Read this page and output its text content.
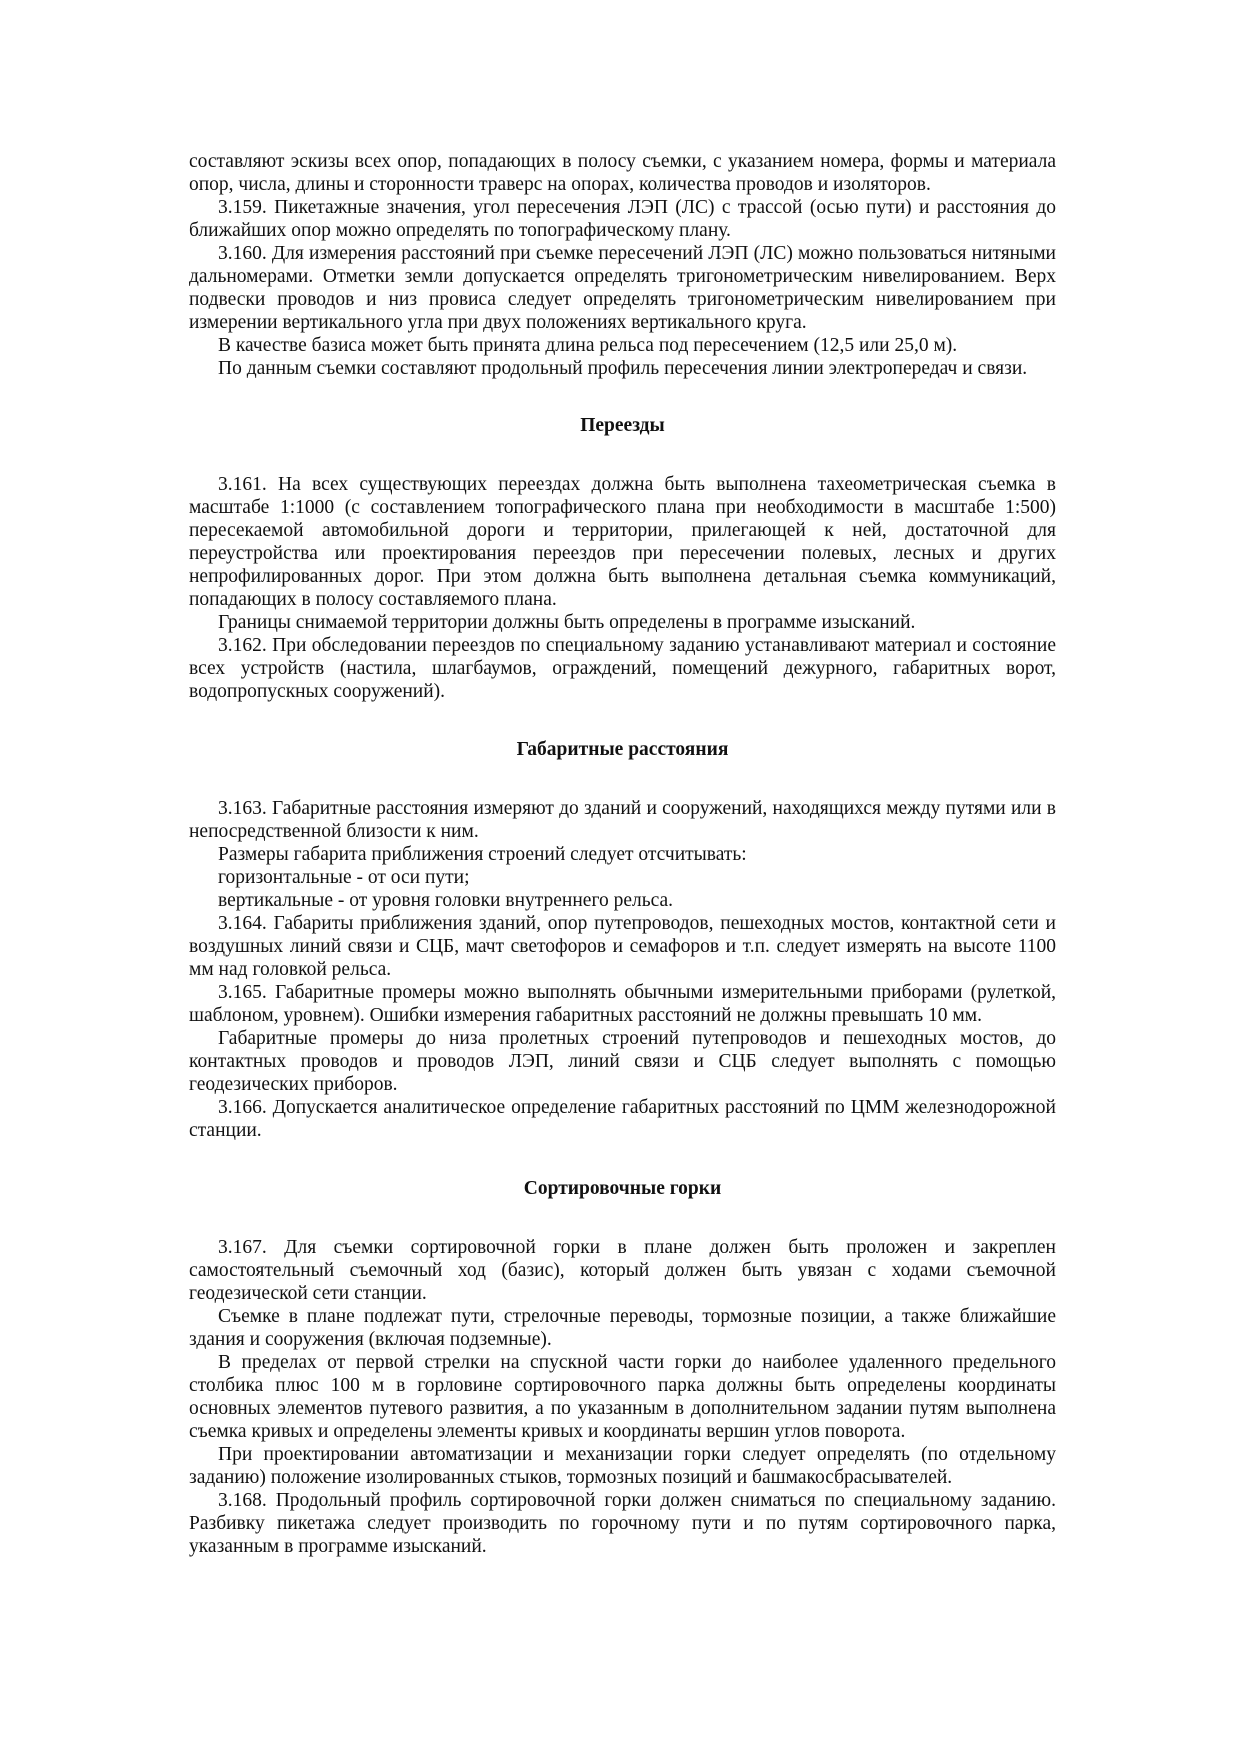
составляют эскизы всех опор, попадающих в полосу съемки, с указанием номера, формы и материала опор, числа, длины и сторонности траверс на опорах, количества проводов и изоляторов.

3.159. Пикетажные значения, угол пересечения ЛЭП (ЛС) с трассой (осью пути) и расстояния до ближайших опор можно определять по топографическому плану.

3.160. Для измерения расстояний при съемке пересечений ЛЭП (ЛС) можно пользоваться нитяными дальномерами. Отметки земли допускается определять тригонометрическим нивелированием. Верх подвески проводов и низ провиса следует определять тригонометрическим нивелированием при измерении вертикального угла при двух положениях вертикального круга.

В качестве базиса может быть принята длина рельса под пересечением (12,5 или 25,0 м).

По данным съемки составляют продольный профиль пересечения линии электропередач и связи.

Переезды

3.161. На всех существующих переездах должна быть выполнена тахеометрическая съемка в масштабе 1:1000 (с составлением топографического плана при необходимости в масштабе 1:500) пересекаемой автомобильной дороги и территории, прилегающей к ней, достаточной для переустройства или проектирования переездов при пересечении полевых, лесных и других непрофилированных дорог. При этом должна быть выполнена детальная съемка коммуникаций, попадающих в полосу составляемого плана.

Границы снимаемой территории должны быть определены в программе изысканий.

3.162. При обследовании переездов по специальному заданию устанавливают материал и состояние всех устройств (настила, шлагбаумов, ограждений, помещений дежурного, габаритных ворот, водопропускных сооружений).

Габаритные расстояния

3.163. Габаритные расстояния измеряют до зданий и сооружений, находящихся между путями или в непосредственной близости к ним.

Размеры габарита приближения строений следует отсчитывать:

горизонтальные - от оси пути;

вертикальные - от уровня головки внутреннего рельса.

3.164. Габариты приближения зданий, опор путепроводов, пешеходных мостов, контактной сети и воздушных линий связи и СЦБ, мачт светофоров и семафоров и т.п. следует измерять на высоте 1100 мм над головкой рельса.

3.165. Габаритные промеры можно выполнять обычными измерительными приборами (рулеткой, шаблоном, уровнем). Ошибки измерения габаритных расстояний не должны превышать 10 мм.

Габаритные промеры до низа пролетных строений путепроводов и пешеходных мостов, до контактных проводов и проводов ЛЭП, линий связи и СЦБ следует выполнять с помощью геодезических приборов.

3.166. Допускается аналитическое определение габаритных расстояний по ЦММ железнодорожной станции.

Сортировочные горки

3.167. Для съемки сортировочной горки в плане должен быть проложен и закреплен самостоятельный съемочный ход (базис), который должен быть увязан с ходами съемочной геодезической сети станции.

Съемке в плане подлежат пути, стрелочные переводы, тормозные позиции, а также ближайшие здания и сооружения (включая подземные).

В пределах от первой стрелки на спускной части горки до наиболее удаленного предельного столбика плюс 100 м в горловине сортировочного парка должны быть определены координаты основных элементов путевого развития, а по указанным в дополнительном задании путям выполнена съемка кривых и определены элементы кривых и координаты вершин углов поворота.

При проектировании автоматизации и механизации горки следует определять (по отдельному заданию) положение изолированных стыков, тормозных позиций и башмакосбрасывателей.

3.168. Продольный профиль сортировочной горки должен сниматься по специальному заданию. Разбивку пикетажа следует производить по горочному пути и по путям сортировочного парка, указанным в программе изысканий.
